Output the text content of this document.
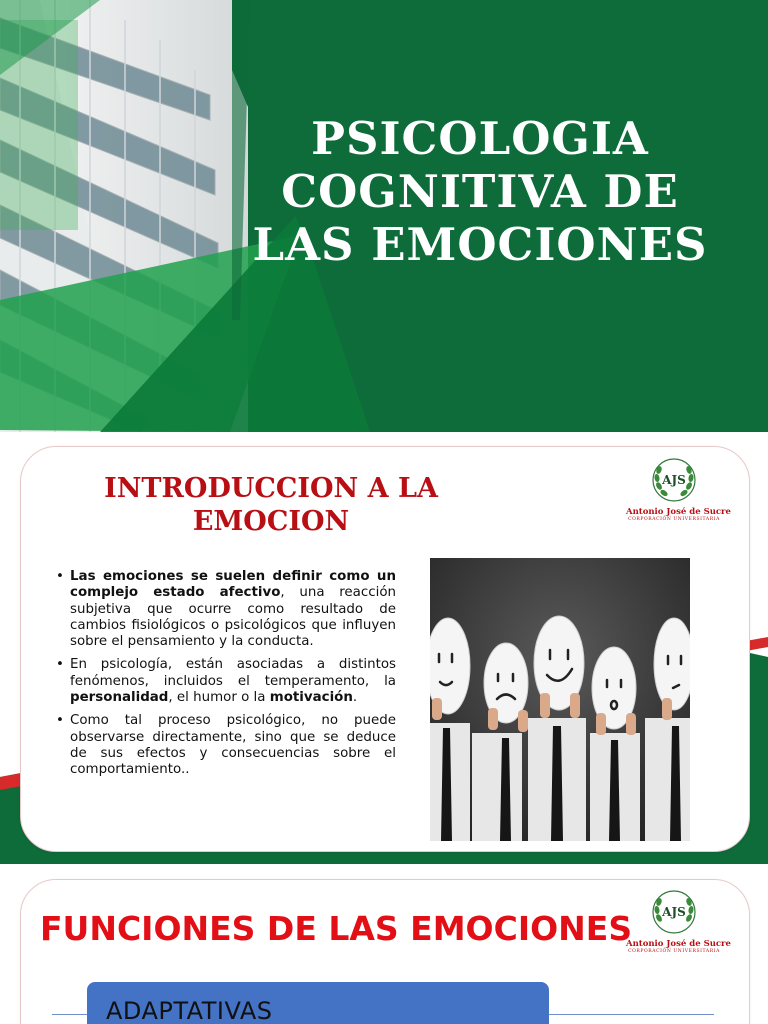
PSICOLOGIA
COGNITIVA DE
LAS EMOCIONES
INTRODUCCION A LA
EMOCION
AJS
Antonio José de Sucre
CORPORACIÓN UNIVERSITARIA
• Las emociones se suelen definir como un complejo estado afectivo, una reacción subjetiva que ocurre como resultado de cambios fisiológicos o psicológicos que influyen sobre el pensamiento y la conducta.
• En psicología, están asociadas a distintos fenómenos, incluidos el temperamento, la personalidad, el humor o la motivación.
• Como tal proceso psicológico, no puede observarse directamente, sino que se deduce de sus efectos y consecuencias sobre el comportamiento..
FUNCIONES DE LAS EMOCIONES	AJS
Antonio José de Sucre
CORPORACIÓN UNIVERSITARIA
ADAPTATIVAS
